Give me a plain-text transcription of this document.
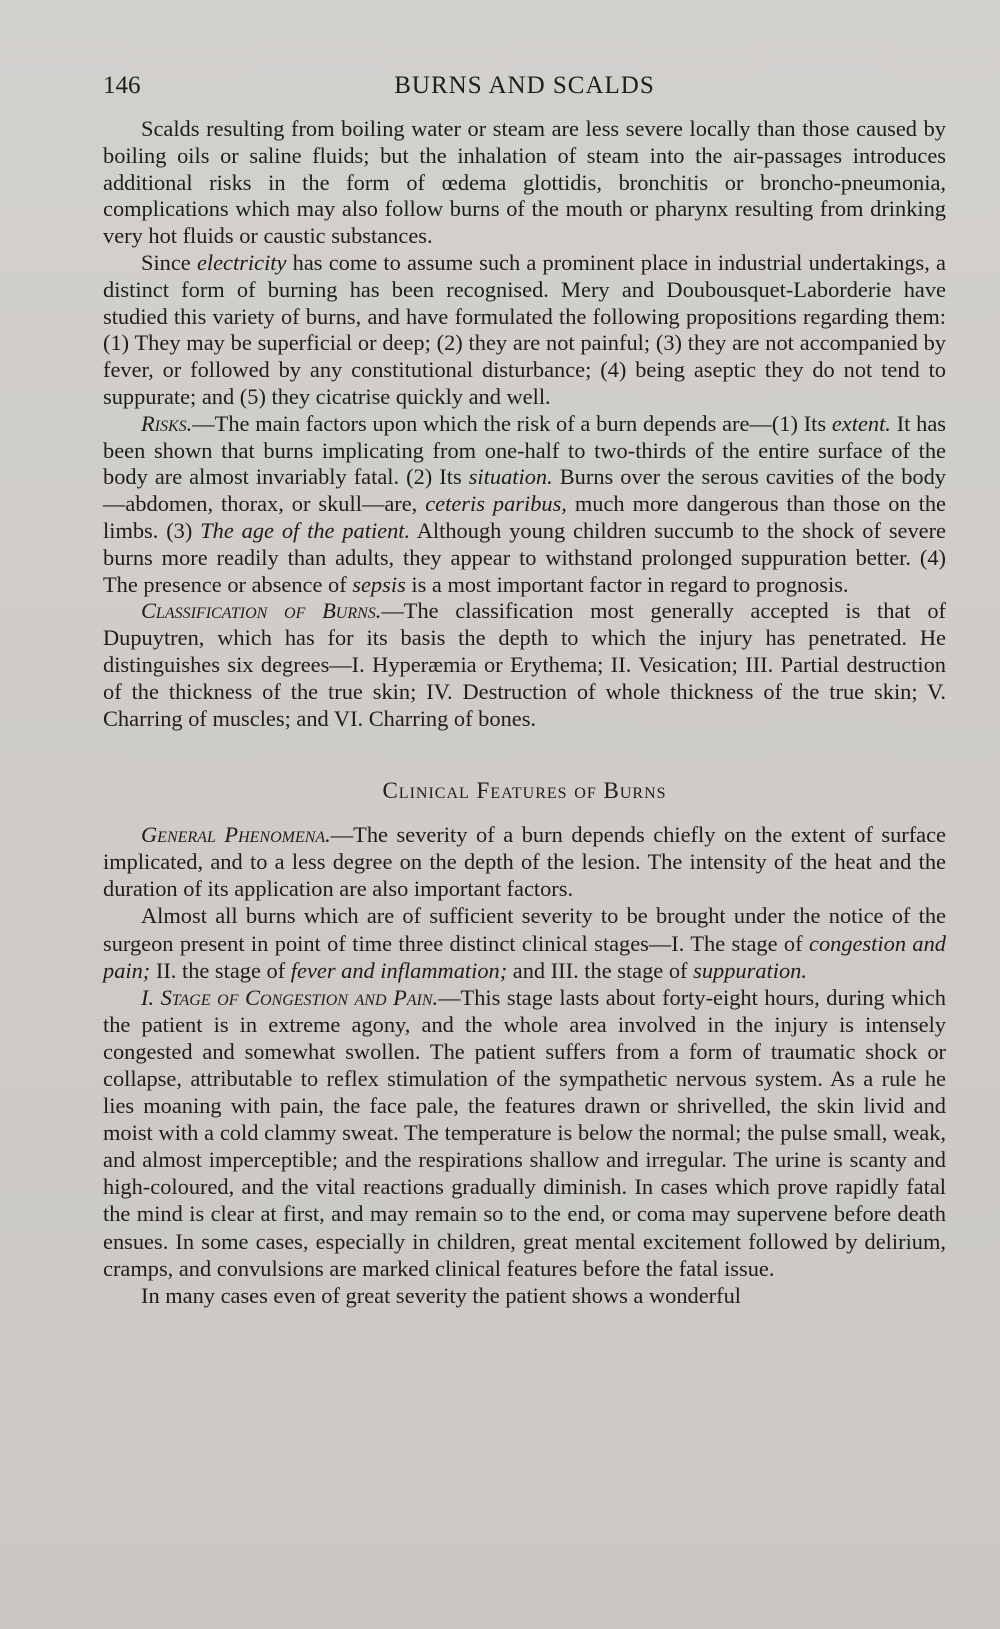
146	BURNS AND SCALDS

Scalds resulting from boiling water or steam are less severe locally than those caused by boiling oils or saline fluids; but the inhalation of steam into the air-passages introduces additional risks in the form of œdema glottidis, bronchitis or broncho-pneumonia, complications which may also follow burns of the mouth or pharynx resulting from drinking very hot fluids or caustic substances.

Since electricity has come to assume such a prominent place in industrial undertakings, a distinct form of burning has been recognised. Mery and Doubousquet-Laborderie have studied this variety of burns, and have formulated the following propositions regarding them: (1) They may be superficial or deep; (2) they are not painful; (3) they are not accompanied by fever, or followed by any constitutional disturbance; (4) being aseptic they do not tend to suppurate; and (5) they cicatrise quickly and well.

Risks.—The main factors upon which the risk of a burn depends are—(1) Its extent. It has been shown that burns implicating from one-half to two-thirds of the entire surface of the body are almost invariably fatal. (2) Its situation. Burns over the serous cavities of the body—abdomen, thorax, or skull—are, ceteris paribus, much more dangerous than those on the limbs. (3) The age of the patient. Although young children succumb to the shock of severe burns more readily than adults, they appear to withstand prolonged suppuration better. (4) The presence or absence of sepsis is a most important factor in regard to prognosis.

Classification of Burns.—The classification most generally accepted is that of Dupuytren, which has for its basis the depth to which the injury has penetrated. He distinguishes six degrees—I. Hyperæmia or Erythema; II. Vesication; III. Partial destruction of the thickness of the true skin; IV. Destruction of whole thickness of the true skin; V. Charring of muscles; and VI. Charring of bones.

Clinical Features of Burns

General Phenomena.—The severity of a burn depends chiefly on the extent of surface implicated, and to a less degree on the depth of the lesion. The intensity of the heat and the duration of its application are also important factors.

Almost all burns which are of sufficient severity to be brought under the notice of the surgeon present in point of time three distinct clinical stages—I. The stage of congestion and pain; II. the stage of fever and inflammation; and III. the stage of suppuration.

I. Stage of Congestion and Pain.—This stage lasts about forty-eight hours, during which the patient is in extreme agony, and the whole area involved in the injury is intensely congested and somewhat swollen. The patient suffers from a form of traumatic shock or collapse, attributable to reflex stimulation of the sympathetic nervous system. As a rule he lies moaning with pain, the face pale, the features drawn or shrivelled, the skin livid and moist with a cold clammy sweat. The temperature is below the normal; the pulse small, weak, and almost imperceptible; and the respirations shallow and irregular. The urine is scanty and high-coloured, and the vital reactions gradually diminish. In cases which prove rapidly fatal the mind is clear at first, and may remain so to the end, or coma may supervene before death ensues. In some cases, especially in children, great mental excitement followed by delirium, cramps, and convulsions are marked clinical features before the fatal issue.

In many cases even of great severity the patient shows a wonderful
